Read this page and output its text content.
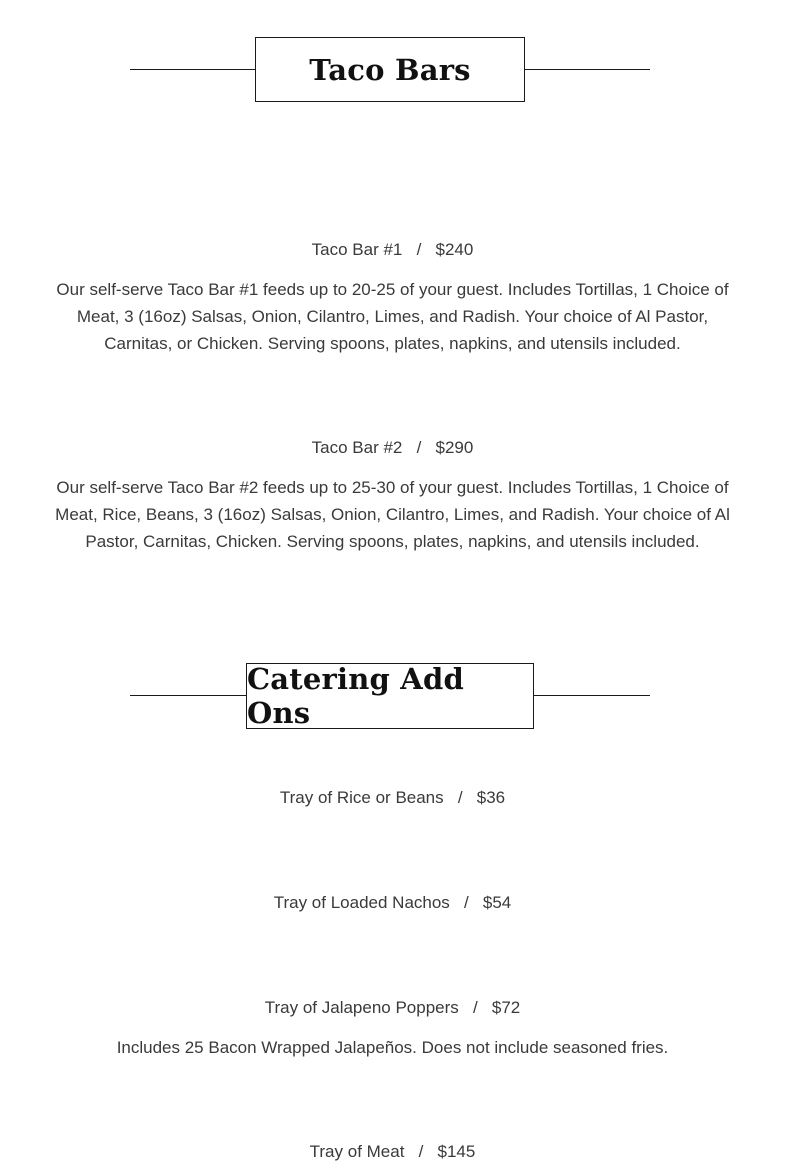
Taco Bars
Taco Bar #1 / $240
Our self-serve Taco Bar #1 feeds up to 20-25 of your guest. Includes Tortillas, 1 Choice of Meat, 3 (16oz) Salsas, Onion, Cilantro, Limes, and Radish. Your choice of Al Pastor, Carnitas, or Chicken. Serving spoons, plates, napkins, and utensils included.
Taco Bar #2 / $290
Our self-serve Taco Bar #2 feeds up to 25-30 of your guest. Includes Tortillas, 1 Choice of Meat, Rice, Beans, 3 (16oz) Salsas, Onion, Cilantro, Limes, and Radish. Your choice of Al Pastor, Carnitas, Chicken. Serving spoons, plates, napkins, and utensils included.
Catering Add Ons
Tray of Rice or Beans / $36
Tray of Loaded Nachos / $54
Tray of Jalapeno Poppers / $72
Includes 25 Bacon Wrapped Jalapeños. Does not include seasoned fries.
Tray of Meat / $145
